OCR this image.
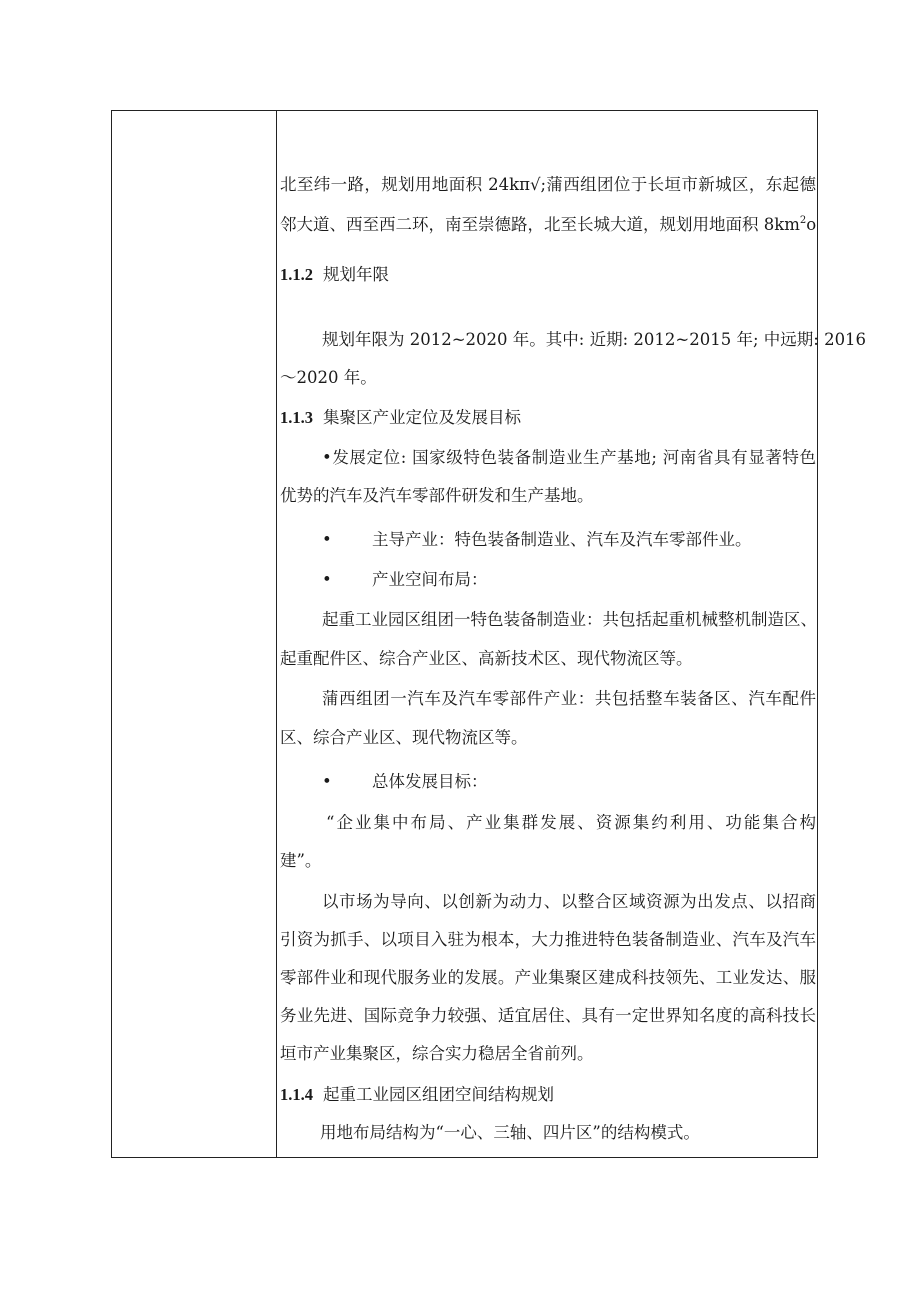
北至纬一路，规划用地面积 24kπ√;蒲西组团位于长垣市新城区，东起德
邻大道、西至西二环，南至崇德路，北至长城大道，规划用地面积 $8km^2o$
1.1.2 规划年限
规划年限为 2012~2020 年。其中: 近期: 2012~2015 年; 中远期: 2016
～2020 年。
1.1.3 集聚区产业定位及发展目标
•发展定位: 国家级特色装备制造业生产基地; 河南省具有显著特色
优势的汽车及汽车零部件研发和生产基地。
• 主导产业：特色装备制造业、汽车及汽车零部件业。
• 产业空间布局：
起重工业园区组团一特色装备制造业：共包括起重机械整机制造区、
起重配件区、综合产业区、高新技术区、现代物流区等。
蒲西组团一汽车及汽车零部件产业：共包括整车装备区、汽车配件
区、综合产业区、现代物流区等。
• 总体发展目标：
“企业集中布局、产业集群发展、资源集约利用、功能集合构
建”。
以市场为导向、以创新为动力、以整合区域资源为出发点、以招商
引资为抓手、以项目入驻为根本，大力推进特色装备制造业、汽车及汽车
零部件业和现代服务业的发展。产业集聚区建成科技领先、工业发达、服
务业先进、国际竞争力较强、适宜居住、具有一定世界知名度的高科技长
垣市产业集聚区，综合实力稳居全省前列。
1.1.4 起重工业园区组团空间结构规划
用地布局结构为“一心、三轴、四片区”的结构模式。
